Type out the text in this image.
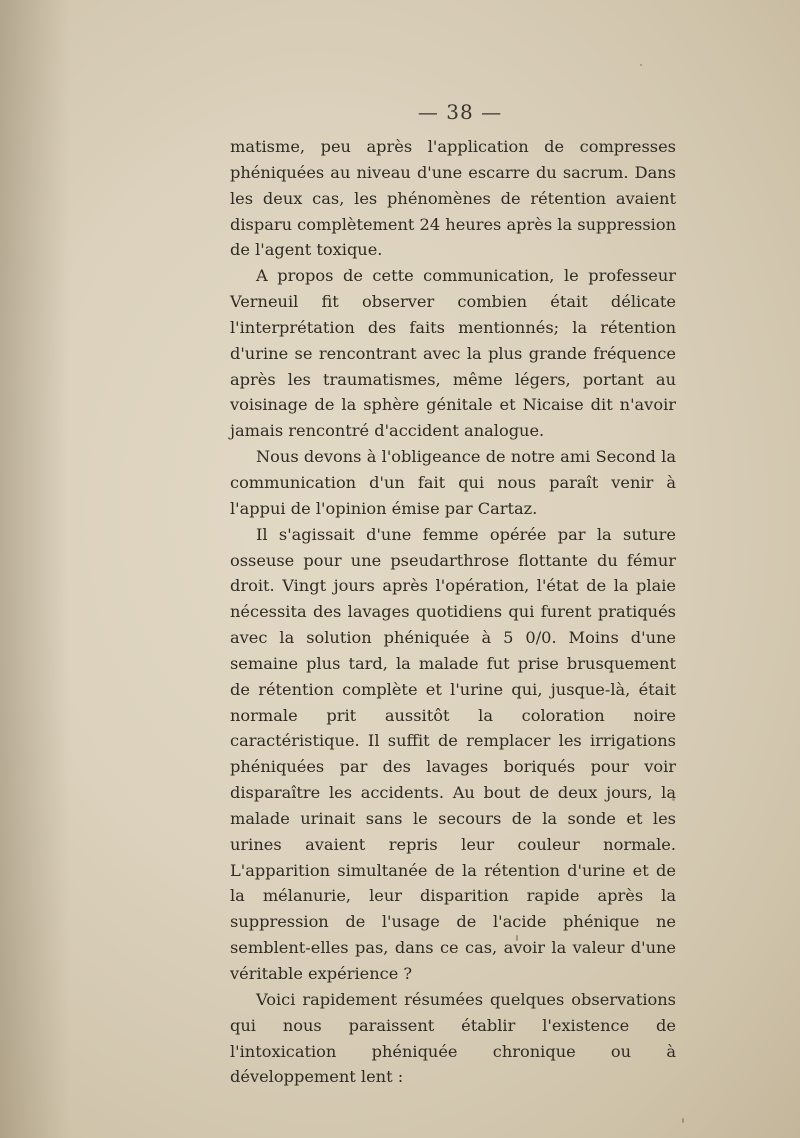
— 38 —

matisme, peu après l'application de compresses phéniquées au niveau d'une escarre du sacrum. Dans les deux cas, les phénomènes de rétention avaient disparu complètement 24 heures après la suppression de l'agent toxique.

A propos de cette communication, le professeur Verneuil fit observer combien était délicate l'interprétation des faits mentionnés; la rétention d'urine se rencontrant avec la plus grande fréquence après les traumatismes, même légers, portant au voisinage de la sphère génitale et Nicaise dit n'avoir jamais rencontré d'accident analogue.

Nous devons à l'obligeance de notre ami Second la communication d'un fait qui nous paraît venir à l'appui de l'opinion émise par Cartaz.

Il s'agissait d'une femme opérée par la suture osseuse pour une pseudarthrose flottante du fémur droit. Vingt jours après l'opération, l'état de la plaie nécessita des lavages quotidiens qui furent pratiqués avec la solution phéniquée à 5 0/0. Moins d'une semaine plus tard, la malade fut prise brusquement de rétention complète et l'urine qui, jusque-là, était normale prit aussitôt la coloration noire caractéristique. Il suffit de remplacer les irrigations phéniquées par des lavages boriqués pour voir disparaître les accidents. Au bout de deux jours, la malade urinait sans le secours de la sonde et les urines avaient repris leur couleur normale. L'apparition simultanée de la rétention d'urine et de la mélanurie, leur disparition rapide après la suppression de l'usage de l'acide phénique ne semblent-elles pas, dans ce cas, avoir la valeur d'une véritable expérience ?

Voici rapidement résumées quelques observations qui nous paraissent établir l'existence de l'intoxication phéniquée chronique ou à développement lent :
